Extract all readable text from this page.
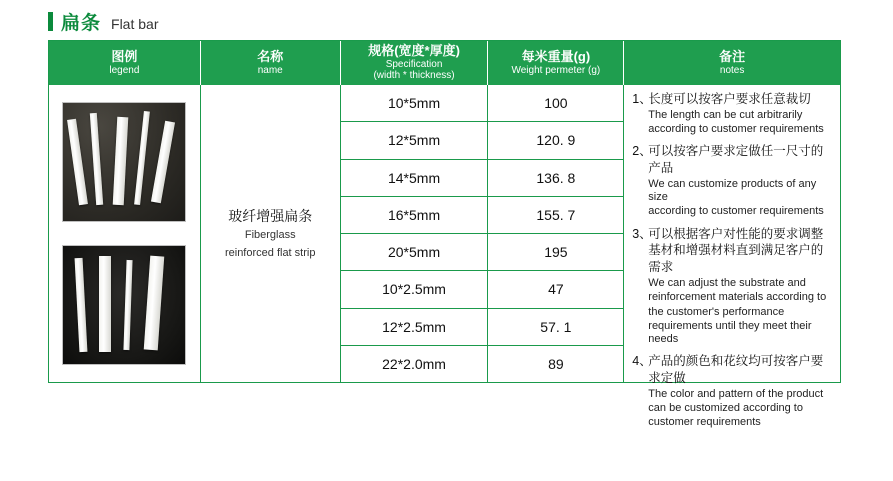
扁条 Flat bar
图例
legend
名称
name
规格(宽度*厚度)
Specification
(width * thickness)
每米重量(g)
Weight permeter (g)
备注
notes
玻纤增强扁条
Fiberglass
reinforced flat strip
10*5mm
12*5mm
14*5mm
16*5mm
20*5mm
10*2.5mm
12*2.5mm
22*2.0mm
100
120. 9
136. 8
155. 7
195
47
57. 1
89
1、
长度可以按客户要求任意裁切
The length can be cut arbitrarily
according to customer requirements
2、
可以按客户要求定做任一尺寸的产品
We can customize products of any size
according to customer requirements
3、
可以根据客户对性能的要求调整基材和增强材料直到满足客户的需求
We can adjust the substrate and
reinforcement materials according to
the customer's performance
requirements until they meet their needs
4、
产品的颜色和花纹均可按客户要求定做
The color and pattern of the product
can be customized according to
customer requirements
